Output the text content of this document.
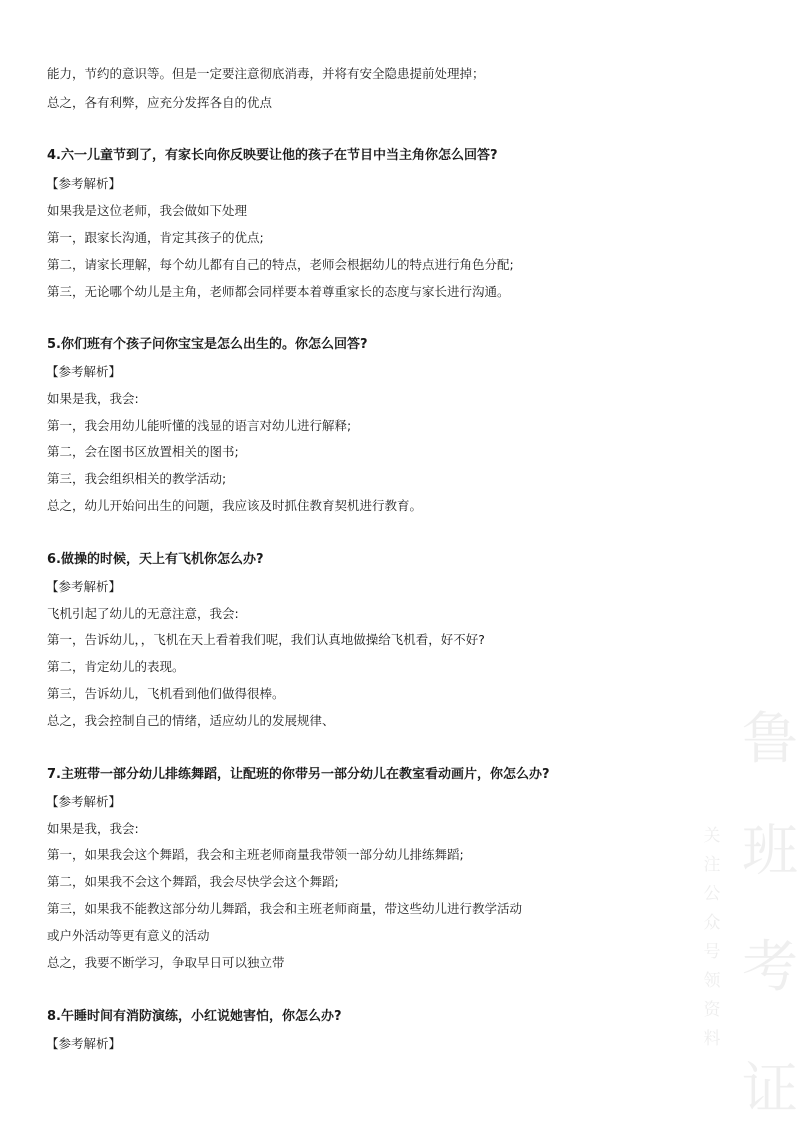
能力，节约的意识等。但是一定要注意彻底消毒，并将有安全隐患提前处理掉；
总之，各有利弊，应充分发挥各自的优点
4.六一儿童节到了，有家长向你反映要让他的孩子在节目中当主角你怎么回答?
【参考解析】
如果我是这位老师，我会做如下处理
第一，跟家长沟通，肯定其孩子的优点;
第二，请家长理解，每个幼儿都有自己的特点，老师会根据幼儿的特点进行角色分配;
第三，无论哪个幼儿是主角，老师都会同样要本着尊重家长的态度与家长进行沟通。
5.你们班有个孩子问你宝宝是怎么出生的。你怎么回答?
【参考解析】
如果是我，我会:
第一，我会用幼儿能听懂的浅显的语言对幼儿进行解释;
第二，会在图书区放置相关的图书;
第三，我会组织相关的教学活动;
总之，幼儿开始问出生的问题，我应该及时抓住教育契机进行教育。
6.做操的时候，天上有飞机你怎么办?
【参考解析】
飞机引起了幼儿的无意注意，我会:
第一，告诉幼儿，，飞机在天上看着我们呢，我们认真地做操给飞机看，好不好?
第二，肯定幼儿的表现。
第三，告诉幼儿，飞机看到他们做得很棒。
总之，我会控制自己的情绪，适应幼儿的发展规律、
7.主班带一部分幼儿排练舞蹈，让配班的你带另一部分幼儿在教室看动画片，你怎么办?
【参考解析】
如果是我，我会:
第一，如果我会这个舞蹈，我会和主班老师商量我带领一部分幼儿排练舞蹈;
第二，如果我不会这个舞蹈，我会尽快学会这个舞蹈;
第三，如果我不能教这部分幼儿舞蹈，我会和主班老师商量，带这些幼儿进行教学活动
或户外活动等更有意义的活动
总之，我要不断学习，争取早日可以独立带
8.午睡时间有消防演练，小红说她害怕，你怎么办?
【参考解析】
鲁
班
考
证
关注公众号领资料
